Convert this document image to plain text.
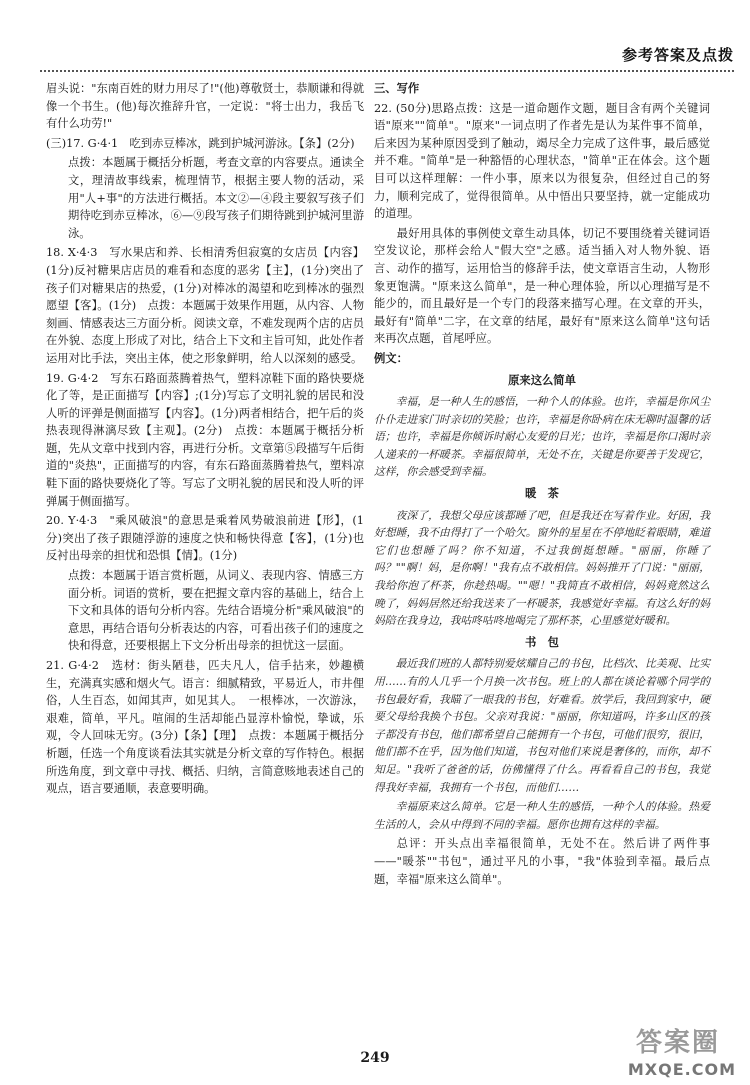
参考答案及点拨
眉头说："东南百姓的财力用尽了!"(他)尊敬贤士，恭顺谦和得就像一个书生。(他)每次推辞升官，一定说："将士出力，我岳飞有什么功劳!"
(三)17. G·4·1　吃到赤豆棒冰，跳到护城河游泳。【条】(2分)
点拨：本题属于概括分析题，考查文章的内容要点。通读全文，理清故事线索，梳理情节，根据主要人物的活动，采用"人+事"的方法进行概括。本文②—④段主要叙写孩子们期待吃到赤豆棒冰，⑥—⑨段写孩子们期待跳到护城河里游泳。
18. X·4·3　写水果店和养、长相清秀但寂寞的女店员【内容】(1分)反衬糖果店店员的难看和态度的恶劣【主】，(1分)突出了孩子们对糖果店的热爱，(1分)对棒冰的渴望和吃到棒冰的强烈愿望【客】。(1分)　点拨：本题属于效果作用题，从内容、人物刻画、情感表达三方面分析。阅读文章，不难发现两个店的店员在外貌、态度上形成了对比，结合上下文和主旨可知，此处作者运用对比手法，突出主体，使之形象鲜明，给人以深刻的感受。
19. G·4·2　写东石路面蒸腾着热气，塑料凉鞋下面的路快要烧化了等，是正面描写【内容】;(1分)写忘了文明礼貌的居民和没人听的评弹是侧面描写【内容】。(1分)两者相结合，把午后的炎热表现得淋漓尽致【主观】。(2分)　点拨：本题属于概括分析题，先从文章中找到内容，再进行分析。文章第⑤段描写午后街道的"炎热"，正面描写的内容，有东石路面蒸腾着热气，塑料凉鞋下面的路快要烧化了等。写忘了文明礼貌的居民和没人听的评弹属于侧面描写。
20. Y·4·3　"乘风破浪"的意思是乘着风势破浪前进【形】，(1分)突出了孩子跟随浮游的速度之快和畅快得意【客】，(1分)也反衬出母亲的担忧和恐惧【情】。(1分)
点拨：本题属于语言赏析题，从词义、表现内容、情感三方面分析。词语的赏析，要在把握文章内容的基础上，结合上下文和具体的语句分析内容。先结合语境分析"乘风破浪"的意思，再结合语句分析表达的内容，可看出孩子们的速度之快和得意，还要根据上下文分析出母亲的担忧这一层面。
21. G·4·2　选材：街头陋巷，匹夫凡人，信手拈来，妙趣横生，充满真实感和烟火气。语言：细腻精致，平易近人，市井俚俗，人生百态，如闻其声，如见其人。　一根棒冰，一次游泳，艰难，简单，平凡。喧闹的生活却能凸显淳朴愉悦，挚诚，乐观，令人回味无穷。(3分)【条】【理】　点拨：本题属于概括分析题，任选一个角度谈看法其实就是分析文章的写作特色。根据所选角度，到文章中寻找、概括、归纳，言简意赅地表述自己的观点，语言要通顺，表意要明确。
三、写作
22. (50分)思路点拨：这是一道命题作文题，题目含有两个关键词语"原来""简单"。"原来"一词点明了作者先是认为某件事不简单，后来因为某种原因受到了触动，竭尽全力完成了这件事，最后感觉并不难。"简单"是一种豁悟的心理状态，"简单"正在体会。这个题目可以这样理解：一件小事，原来以为很复杂，但经过自己的努力，顺利完成了，觉得很简单。从中悟出只要坚持，就一定能成功的道理。
最好用具体的事例使文章生动具体，切记不要围绕着关键词语空发议论，那样会给人"假大空"之感。适当插入对人物外貌、语言、动作的描写，运用恰当的修辞手法，使文章语言生动，人物形象更饱满。"原来这么简单"，是一种心理体验，所以心理描写是不能少的，而且最好是一个专门的段落来描写心理。在文章的开头，最好有"简单"二字，在文章的结尾，最好有"原来这么简单"这句话来再次点题，首尾呼应。
例文：
原来这么简单
幸福，是一种人生的感悟，一种个人的体验。也许，幸福是你风尘仆仆走进家门时亲切的笑脸；也许，幸福是你卧病在床无聊时温馨的话语；也许，幸福是你倾诉时耐心友爱的目光；也许，幸福是你口渴时亲人递来的一杯暖茶。幸福很简单，无处不在，关键是你要善于发现它，这样，你会感受到幸福。
暖　茶
夜深了，我想父母应该都睡了吧，但是我还在写着作业。好困，我好想睡，我不由得打了一个哈欠。窗外的星星在不停地眨着眼睛，难道它们也想睡了吗？你不知道，不过我倒挺想睡。"丽丽，你睡了吗？""啊！妈，是你啊！"我有点不敢相信。妈妈推开了门说："丽丽，我给你泡了杯茶，你趁热喝。""嗯！"我简直不敢相信，妈妈竟然这么晚了，妈妈居然还给我送来了一杯暖茶，我感觉好幸福。有这么好的妈妈陪在我身边，我咕咚咕咚地喝完了那杯茶，心里感觉好暖和。
书　包
最近我们班的人都特别爱炫耀自己的书包，比档次、比美观、比实用……有的人几乎一个月换一次书包。班上的人都在谈论着哪个同学的书包最好看，我瞄了一眼我的书包，好难看。放学后，我回到家中，硬要父母给我换个书包。父亲对我说："丽丽，你知道吗，许多山区的孩子都没有书包，他们都希望自己能拥有一个书包，可他们很穷，很旧，他们都不在乎，因为他们知道，书包对他们来说是奢侈的，而你，却不知足。"我听了爸爸的话，仿佛懂得了什么。再看看自己的书包，我觉得我好幸福，我拥有一个书包，而他们……
幸福原来这么简单。它是一种人生的感悟，一种个人的体验。热爱生活的人，会从中得到不同的幸福。愿你也拥有这样的幸福。
总评：开头点出幸福很简单，无处不在。然后讲了两件事——"暖茶""书包"，通过平凡的小事，"我"体验到幸福。最后点题，幸福"原来这么简单"。
249	答案圈
MXQE.COM
